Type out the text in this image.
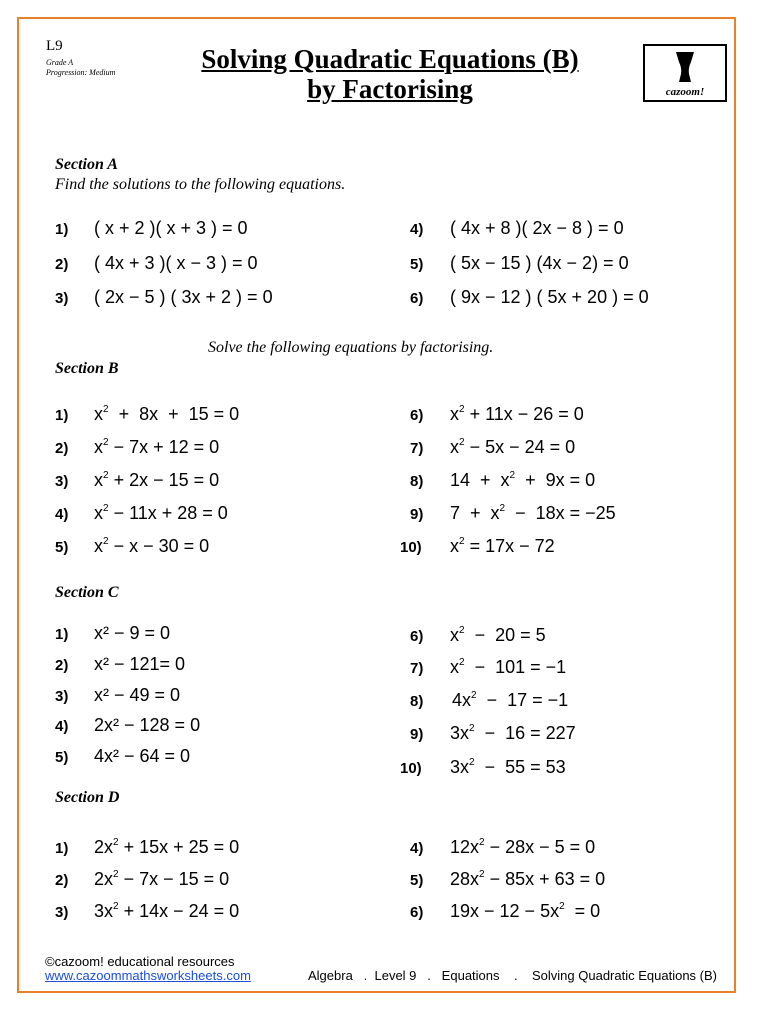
L9
Grade A
Progression: Medium	Solving Quadratic Equations (B)
by Factorising	cazoom!
Section A
Find the solutions to the following equations.
1) ( x + 2 )( x + 3 ) = 0
2) ( 4x + 3 )( x − 3 ) = 0
3) ( 2x − 5 ) ( 3x + 2 ) = 0
4) ( 4x + 8 )( 2x − 8 ) = 0
5) ( 5x − 15 ) (4x − 2) = 0
6) ( 9x − 12 ) ( 5x + 20 ) = 0
Solve the following equations by factorising.
Section B
1) $x^2 + 8x + 15 = 0$
2) $x^2 - 7x + 12 = 0$
3) $x^2 + 2x - 15 = 0$
4) $x^2 - 11x + 28 = 0$
5) $x^2 - x - 30 = 0$
6) $x^2 + 11x - 26 = 0$
7) $x^2 - 5x - 24 = 0$
8) $14 + x^2 + 9x = 0$
9) $7 + x^2 - 18x = -25$
10) $x^2 = 17x - 72$
Section C
1) x² − 9 = 0
2) x² − 121= 0
3) x² − 49 = 0
4) 2x² − 128 = 0
5) 4x² − 64 = 0
6) $x^2 - 20 = 5$
7) $x^2 - 101 = -1$
8) $4x^2 - 17 = -1$
9) $3x^2 - 16 = 227$
10) $3x^2 - 55 = 53$
Section D
1) $2x^2 + 15x + 25 = 0$
2) $2x^2 - 7x - 15 = 0$
3) $3x^2 + 14x - 24 = 0$
4) $12x^2 - 28x - 5 = 0$
5) $28x^2 - 85x + 63 = 0$
6) $19x - 12 - 5x^2 = 0$
©cazoom! educational resources
www.cazoommathsworksheets.com	Algebra   .  Level 9   .   Equations    .    Solving Quadratic Equations (B)
